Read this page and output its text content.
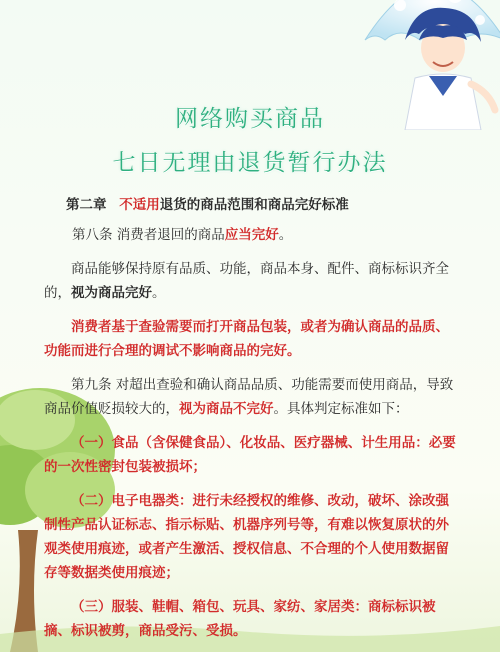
网络购买商品
七日无理由退货暂行办法

第二章 不适用退货的商品范围和商品完好标准

第八条 消费者退回的商品应当完好。

商品能够保持原有品质、功能，商品本身、配件、商标标识齐全的，视为商品完好。

消费者基于查验需要而打开商品包装，或者为确认商品的品质、功能而进行合理的调试不影响商品的完好。

第九条 对超出查验和确认商品品质、功能需要而使用商品，导致商品价值贬损较大的，视为商品不完好。具体判定标准如下：

（一）食品（含保健食品）、化妆品、医疗器械、计生用品：必要的一次性密封包装被损坏；

（二）电子电器类：进行未经授权的维修、改动，破坏、涂改强制性产品认证标志、指示标贴、机器序列号等，有难以恢复原状的外观类使用痕迹，或者产生激活、授权信息、不合理的个人使用数据留存等数据类使用痕迹；

（三）服装、鞋帽、箱包、玩具、家纺、家居类：商标标识被摘、标识被剪，商品受污、受损。
